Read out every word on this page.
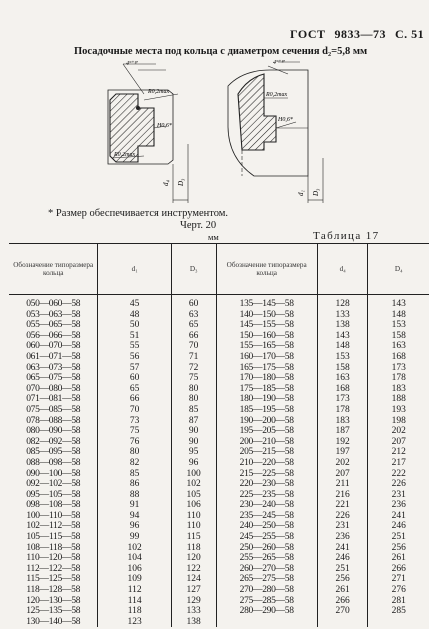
ГОСТ 9833—73 С. 51
Посадочные места под кольца с диаметром сечения d₂=5,8 мм
4°⁺⁸'
R0,2max
H0,6*
R0,2max
d₄ D₃
4°⁺⁸'
R0,2max
H0,6*
d₁ D₃
* Размер обеспечивается инструментом.
Черт. 20
мм	Таблица 17
Обозначение типоразмера кольца	d₁	D₃	Обозначение типоразмера кольца	d₄	D₄
050—060—58	45	60	135—145—58	128	143
053—063—58	48	63	140—150—58	133	148
055—065—58	50	65	145—155—58	138	153
056—066—58	51	66	150—160—58	143	158
060—070—58	55	70	155—165—58	148	163
061—071—58	56	71	160—170—58	153	168
063—073—58	57	72	165—175—58	158	173
065—075—58	60	75	170—180—58	163	178
070—080—58	65	80	175—185—58	168	183
071—081—58	66	80	180—190—58	173	188
075—085—58	70	85	185—195—58	178	193
078—088—58	73	87	190—200—58	183	198
080—090—58	75	90	195—205—58	187	202
082—092—58	76	90	200—210—58	192	207
085—095—58	80	95	205—215—58	197	212
088—098—58	82	96	210—220—58	202	217
090—100—58	85	100	215—225—58	207	222
092—102—58	86	102	220—230—58	211	226
095—105—58	88	105	225—235—58	216	231
098—108—58	91	106	230—240—58	221	236
100—110—58	94	110	235—245—58	226	241
102—112—58	96	110	240—250—58	231	246
105—115—58	99	115	245—255—58	236	251
108—118—58	102	118	250—260—58	241	256
110—120—58	104	120	255—265—58	246	261
112—122—58	106	122	260—270—58	251	266
115—125—58	109	124	265—275—58	256	271
118—128—58	112	127	270—280—58	261	276
120—130—58	114	129	275—285—58	266	281
125—135—58	118	133	280—290—58	270	285
130—140—58	123	138			
